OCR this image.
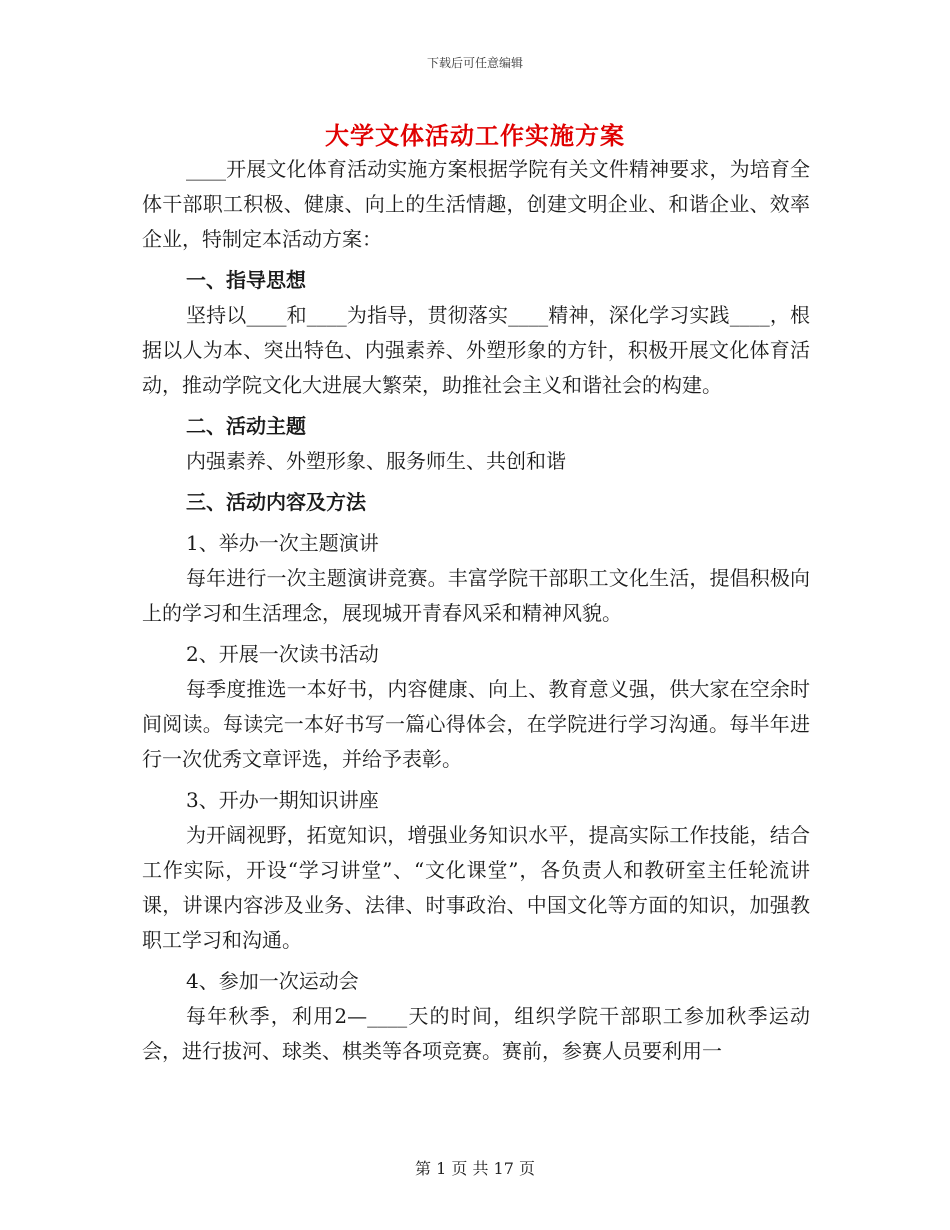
下载后可任意编辑
大学文体活动工作实施方案

____开展文化体育活动实施方案根据学院有关文件精神要求，为培育全体干部职工积极、健康、向上的生活情趣，创建文明企业、和谐企业、效率企业，特制定本活动方案：

一、指导思想

坚持以____和____为指导，贯彻落实____精神，深化学习实践____，根据以人为本、突出特色、内强素养、外塑形象的方针，积极开展文化体育活动，推动学院文化大进展大繁荣，助推社会主义和谐社会的构建。

二、活动主题

内强素养、外塑形象、服务师生、共创和谐

三、活动内容及方法

1、举办一次主题演讲

每年进行一次主题演讲竞赛。丰富学院干部职工文化生活，提倡积极向上的学习和生活理念，展现城开青春风采和精神风貌。

2、开展一次读书活动

每季度推选一本好书，内容健康、向上、教育意义强，供大家在空余时间阅读。每读完一本好书写一篇心得体会，在学院进行学习沟通。每半年进行一次优秀文章评选，并给予表彰。

3、开办一期知识讲座

为开阔视野，拓宽知识，增强业务知识水平，提高实际工作技能，结合工作实际，开设“学习讲堂”、“文化课堂”，各负责人和教研室主任轮流讲课，讲课内容涉及业务、法律、时事政治、中国文化等方面的知识，加强教职工学习和沟通。

4、参加一次运动会

每年秋季，利用2—____天的时间，组织学院干部职工参加秋季运动会，进行拔河、球类、棋类等各项竞赛。赛前，参赛人员要利用一

第 1 页 共 17 页
